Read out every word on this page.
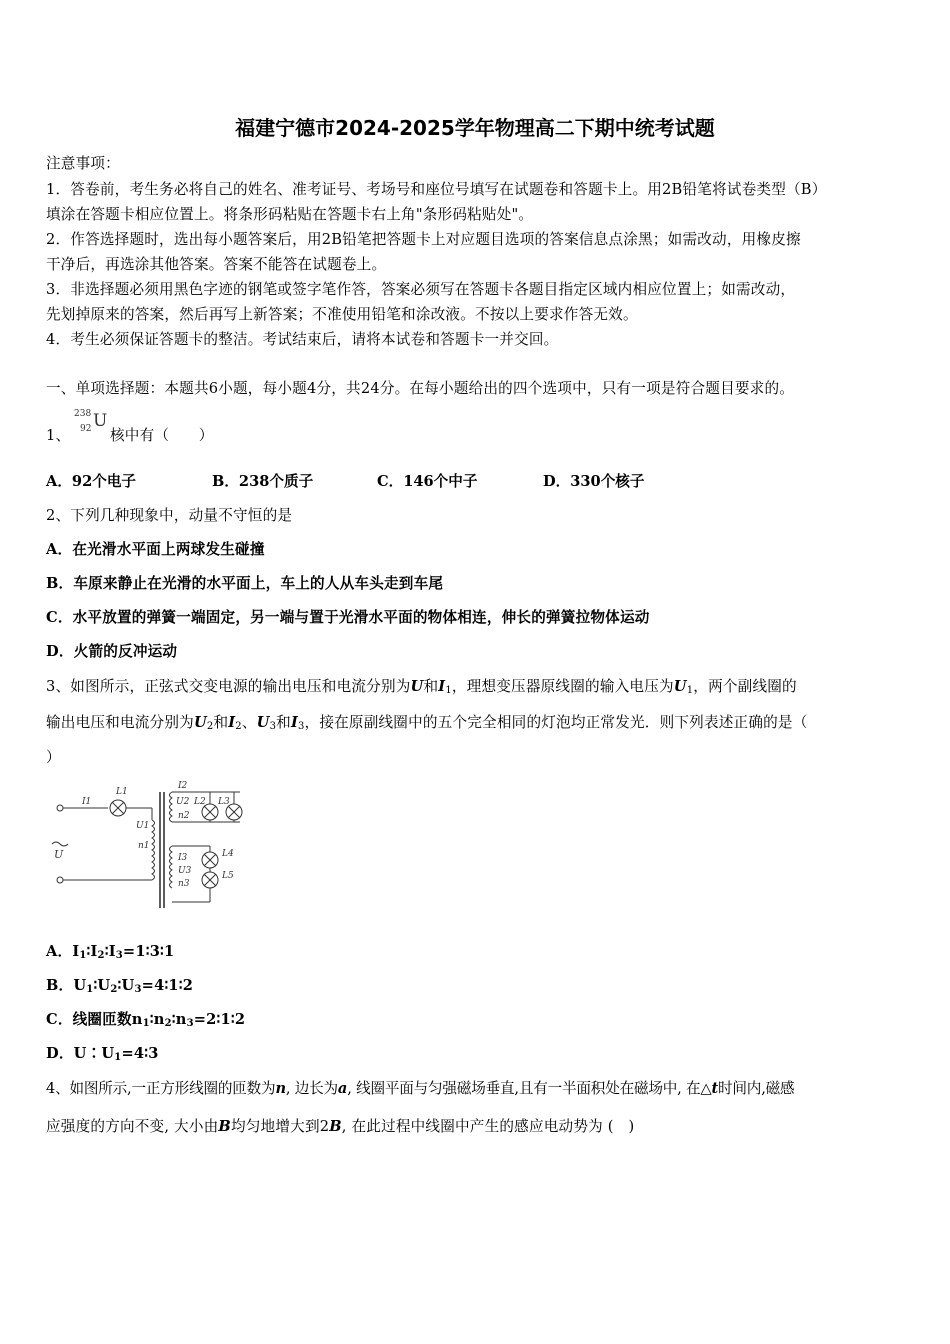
福建宁德市2024-2025学年物理高二下期中统考试题
注意事项：
1．答卷前，考生务必将自己的姓名、准考证号、考场号和座位号填写在试题卷和答题卡上。用2B铅笔将试卷类型（B）
填涂在答题卡相应位置上。将条形码粘贴在答题卡右上角"条形码粘贴处"。
2．作答选择题时，选出每小题答案后，用2B铅笔把答题卡上对应题目选项的答案信息点涂黑；如需改动，用橡皮擦
干净后，再选涂其他答案。答案不能答在试题卷上。
3．非选择题必须用黑色字迹的钢笔或签字笔作答，答案必须写在答题卡各题目指定区域内相应位置上；如需改动，
先划掉原来的答案，然后再写上新答案；不准使用铅笔和涂改液。不按以上要求作答无效。
4．考生必须保证答题卡的整洁。考试结束后，请将本试卷和答题卡一并交回。
一、单项选择题：本题共6小题，每小题4分，共24分。在每小题给出的四个选项中，只有一项是符合题目要求的。
1、
238
92 U
核中有（　　）
A．92个电子	B．238个质子	C．146个中子	D．330个核子
2、下列几种现象中，动量不守恒的是
A．在光滑水平面上两球发生碰撞
B．车原来静止在光滑的水平面上，车上的人从车头走到车尾
C．水平放置的弹簧一端固定，另一端与置于光滑水平面的物体相连，伸长的弹簧拉物体运动
D．火箭的反冲运动
3、如图所示，正弦式交变电源的输出电压和电流分别为U和$I_1$，理想变压器原线圈的输入电压为$U_1$，两个副线圈的
输出电压和电流分别为$U_2$和$I_2$、$U_3$和$I_3$，接在原副线圈中的五个完全相同的灯泡均正常发光．则下列表述正确的是（
）
I1
L1
U1
n1
I2
U2
n2
L2 L3
I3
U3
n3
L4
L5
U
A．$I_1∶I_2∶I_3=1∶3∶1$
B．$U_1∶U_2∶U_3=4∶1∶2$
C．线圈匝数$n_1∶n_2∶n_3=2∶1∶2$
D．$U∶U_1=4∶3$
4、如图所示,一正方形线圈的匝数为n, 边长为a, 线圈平面与匀强磁场垂直,且有一半面积处在磁场中, 在△t时间内,磁感
应强度的方向不变, 大小由B均匀地增大到2B, 在此过程中线圈中产生的感应电动势为 (　)
